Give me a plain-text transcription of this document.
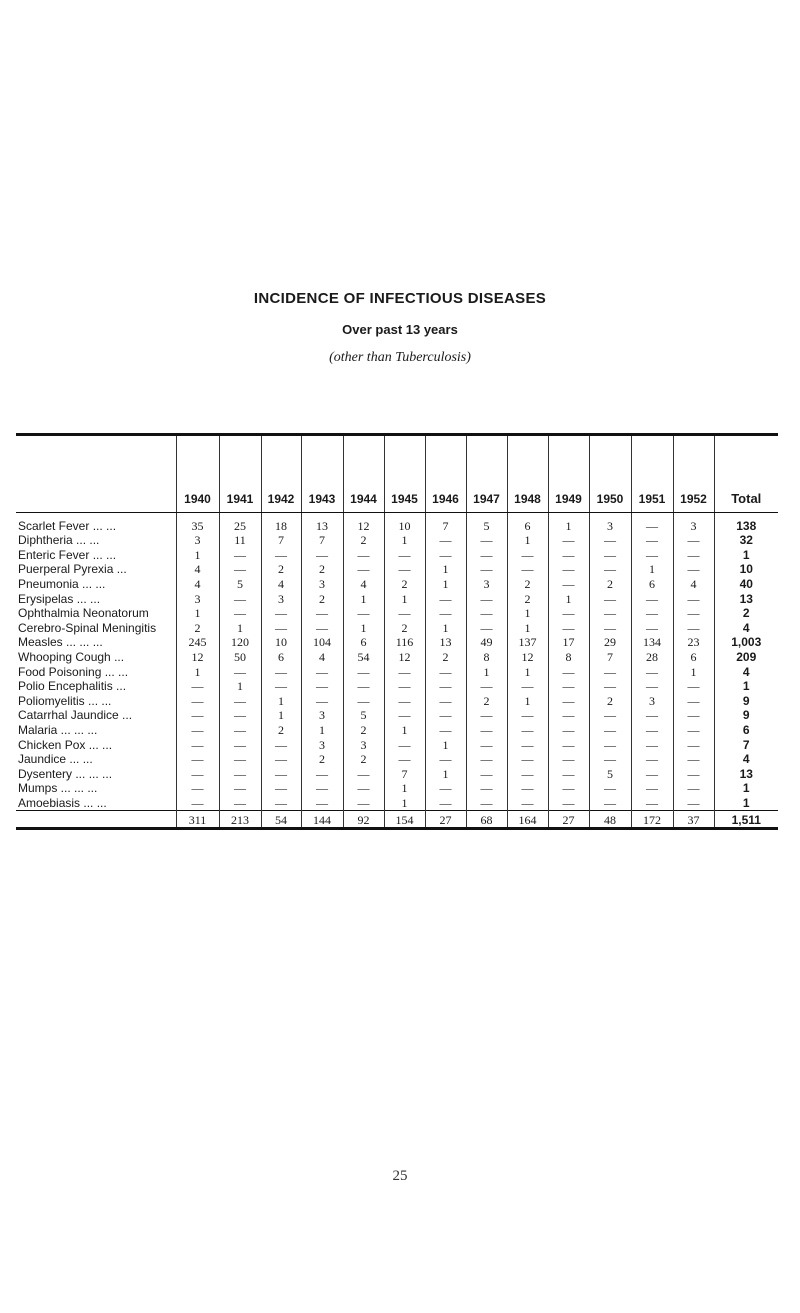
INCIDENCE OF INFECTIOUS DISEASES
Over past 13 years
(other than Tuberculosis)
	1940	1941	1942	1943	1944	1945	1946	1947	1948	1949	1950	1951	1952	Total
Scarlet Fever ... ...	35	25	18	13	12	10	7	5	6	1	3	—	3	138
Diphtheria ... ...	3	11	7	7	2	1	—	—	1	—	—	—	—	32
Enteric Fever ... ...	1	—	—	—	—	—	—	—	—	—	—	—	—	1
Puerperal Pyrexia ...	4	—	2	2	—	—	1	—	—	—	—	1	—	10
Pneumonia ... ...	4	5	4	3	4	2	1	3	2	—	2	6	4	40
Erysipelas ... ...	3	—	3	2	1	1	—	—	2	1	—	—	—	13
Ophthalmia Neonatorum	1	—	—	—	—	—	—	—	1	—	—	—	—	2
Cerebro-Spinal Meningitis	2	1	—	—	1	2	1	—	1	—	—	—	—	4
Measles ... ... ...	245	120	10	104	6	116	13	49	137	17	29	134	23	1,003
Whooping Cough ...	12	50	6	4	54	12	2	8	12	8	7	28	6	209
Food Poisoning ... ...	1	—	—	—	—	—	—	1	1	—	—	—	1	4
Polio Encephalitis ...	—	1	—	—	—	—	—	—	—	—	—	—	—	1
Poliomyelitis ... ...	—	—	1	—	—	—	—	2	1	—	2	3	—	9
Catarrhal Jaundice ...	—	—	1	3	5	—	—	—	—	—	—	—	—	9
Malaria ... ... ...	—	—	2	1	2	1	—	—	—	—	—	—	—	6
Chicken Pox ... ...	—	—	—	3	3	—	1	—	—	—	—	—	—	7
Jaundice ... ...	—	—	—	2	2	—	—	—	—	—	—	—	—	4
Dysentery ... ... ...	—	—	—	—	—	7	1	—	—	—	5	—	—	13
Mumps ... ... ...	—	—	—	—	—	1	—	—	—	—	—	—	—	1
Amoebiasis ... ...	—	—	—	—	—	1	—	—	—	—	—	—	—	1
	311	213	54	144	92	154	27	68	164	27	48	172	37	1,511
25
